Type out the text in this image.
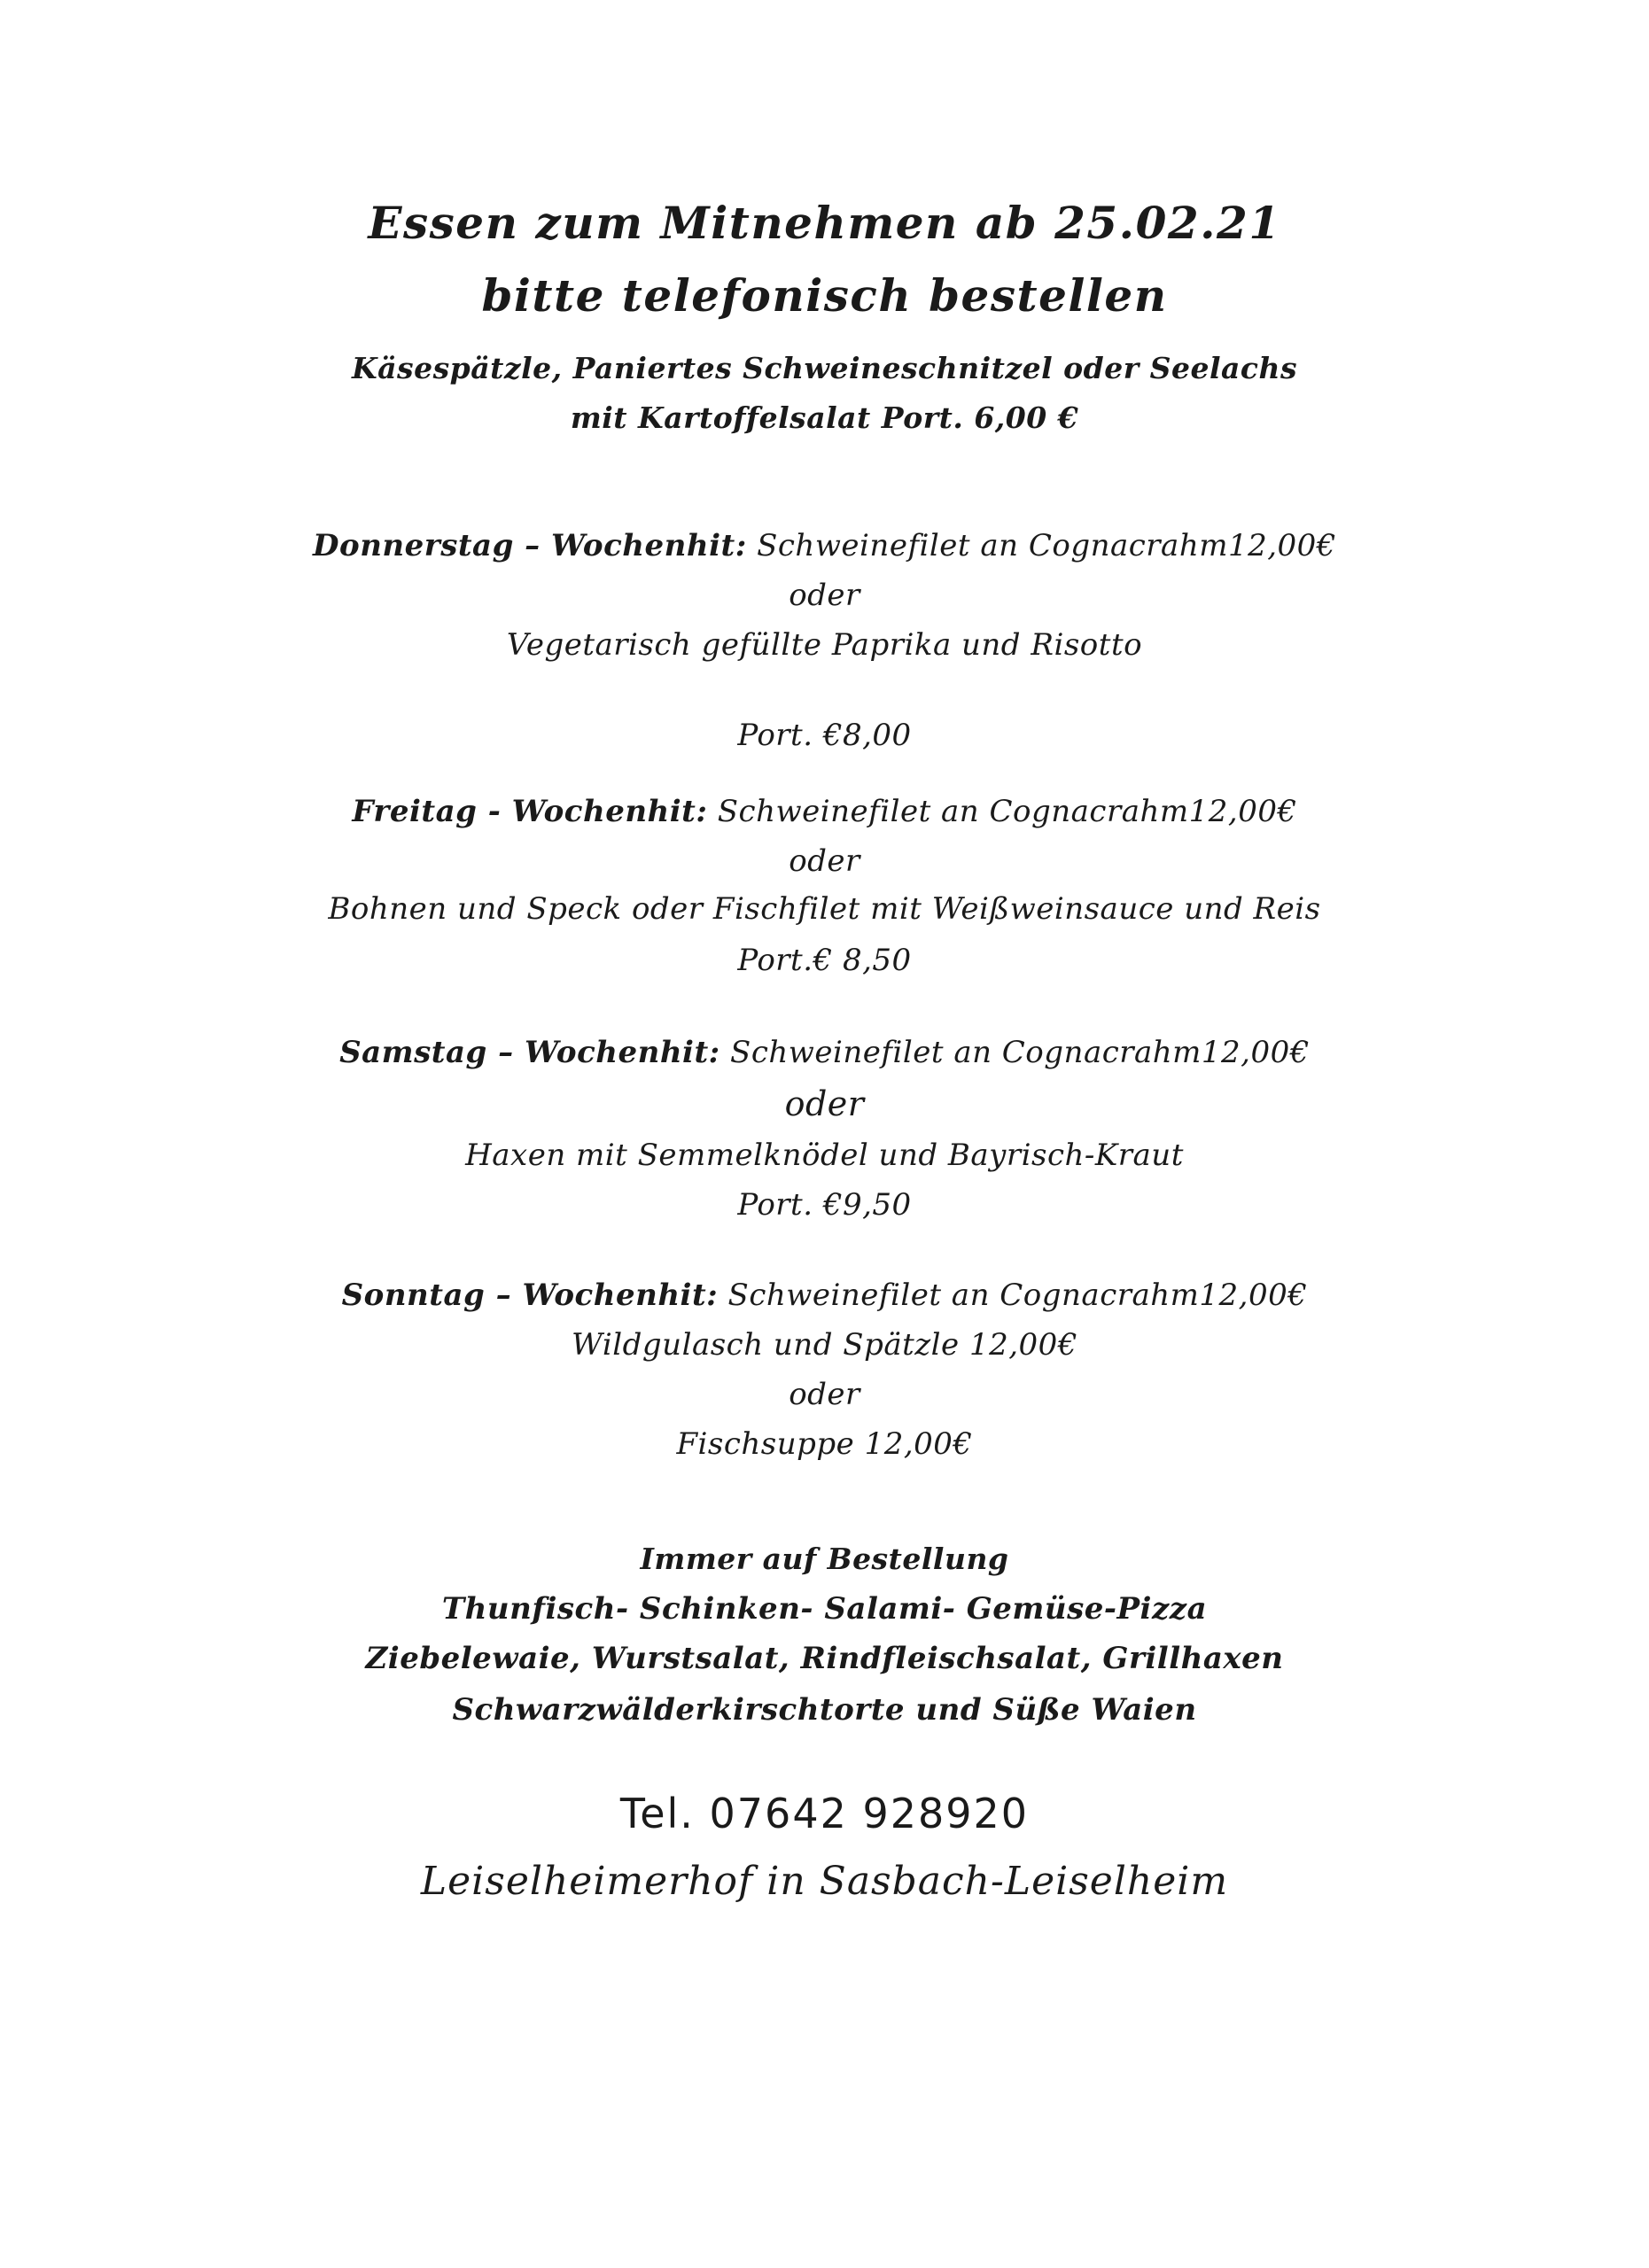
Essen zum Mitnehmen ab 25.02.21
bitte telefonisch bestellen
Käsespätzle, Paniertes Schweineschnitzel oder Seelachs
mit Kartoffelsalat Port. 6,00 €
Donnerstag – Wochenhit: Schweinefilet an Cognacrahm12,00€
oder
Vegetarisch gefüllte Paprika und Risotto
Port. €8,00
Freitag - Wochenhit: Schweinefilet an Cognacrahm12,00€
oder
Bohnen und Speck oder Fischfilet mit Weißweinsauce und Reis
Port.€ 8,50
Samstag – Wochenhit: Schweinefilet an Cognacrahm12,00€
oder
Haxen mit Semmelknödel und Bayrisch-Kraut
Port. €9,50
Sonntag – Wochenhit: Schweinefilet an Cognacrahm12,00€
Wildgulasch und Spätzle 12,00€
oder
Fischsuppe 12,00€
Immer auf Bestellung
Thunfisch- Schinken- Salami- Gemüse-Pizza
Ziebelewaie, Wurstsalat, Rindfleischsalat, Grillhaxen
Schwarzwälderkirschtorte und Süße Waien
Tel. 07642 928920
Leiselheimerhof in Sasbach-Leiselheim
